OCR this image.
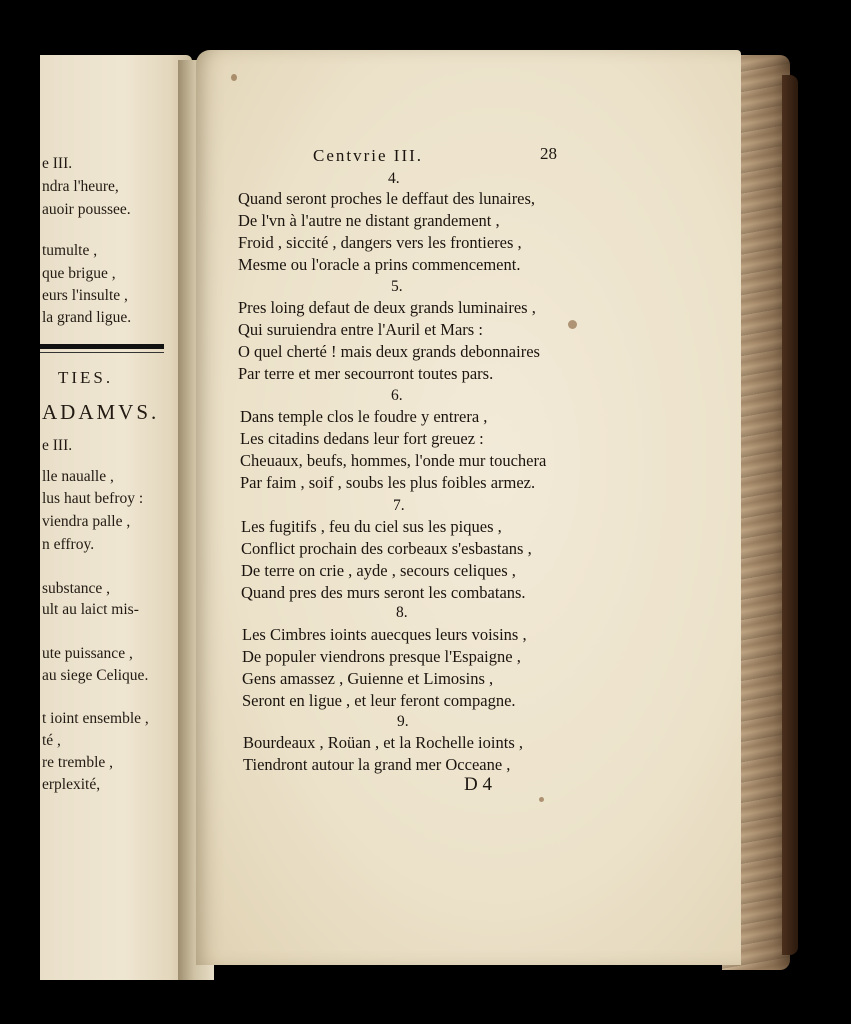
e III.
ndra l'heure,
auoir poussee.
tumulte ,
que brigue ,
eurs l'insulte ,
la grand ligue.
TIES.
ADAMVS.
e III.
lle naualle ,
lus haut befroy :
viendra palle ,
n effroy.
substance ,
ult au laict mis-
ute puissance ,
au siege Celique.
t ioint ensemble ,
té ,
re tremble ,
erplexité,
Centvrie III.	28
4.
Quand seront proches le deffaut des lunaires,
De l'vn à l'autre ne distant grandement ,
Froid , siccité , dangers vers les frontieres ,
Mesme ou l'oracle a prins commencement.
5.
Pres loing defaut de deux grands luminaires ,
Qui suruiendra entre l'Auril et Mars :
O quel cherté ! mais deux grands debonnaires
Par terre et mer secourront toutes pars.
6.
Dans temple clos le foudre y entrera ,
Les citadins dedans leur fort greuez :
Cheuaux, beufs, hommes, l'onde mur touchera
Par faim , soif , soubs les plus foibles armez.
7.
Les fugitifs , feu du ciel sus les piques ,
Conflict prochain des corbeaux s'esbastans ,
De terre on crie , ayde , secours celiques ,
Quand pres des murs seront les combatans.
8.
Les Cimbres ioints auecques leurs voisins ,
De populer viendrons presque l'Espaigne ,
Gens amassez , Guienne et Limosins ,
Seront en ligue , et leur feront compagne.
9.
Bourdeaux , Roüan , et la Rochelle ioints ,
Tiendront autour la grand mer Occeane ,
D 4
